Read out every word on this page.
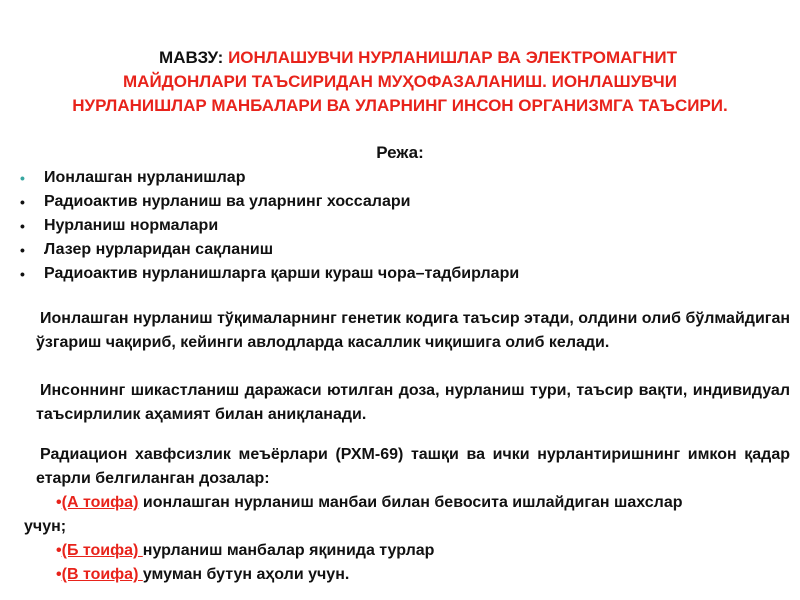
МАВЗУ: ИОНЛАШУВЧИ НУРЛАНИШЛАР ВА ЭЛЕКТРОМАГНИТ МАЙДОНЛАРИ ТАЪСИРИДАН МУҲОФАЗАЛАНИШ. ИОНЛАШУВЧИ НУРЛАНИШЛАР МАНБАЛАРИ ВА УЛАРНИНГ ИНСОН ОРГАНИЗМГА ТАЪСИРИ.
Режа:
• Ионлашган нурланишлар
• Радиоактив нурланиш ва уларнинг хоссалари
• Нурланиш нормалари
• Лазер нурларидан сақланиш
• Радиоактив нурланишларга қарши кураш чора–тадбирлари
Ионлашган нурланиш тўқималарнинг генетик кодига таъсир этади, олдини олиб бўлмайдиган ўзгариш чақириб, кейинги авлодларда касаллик чиқишига олиб келади.
Инсоннинг шикастланиш даражаси ютилган доза, нурланиш тури, таъсир вақти, индивидуал таъсирлилик аҳамият билан аниқланади.
Радиацион хавфсизлик меъёрлари (РХМ-69) ташқи ва ички нурлантиришнинг имкон қадар етарли белгиланган дозалар:
•(А тоифа) ионлашган нурланиш манбаи билан бевосита ишлайдиган шахслар
учун;
•(Б тоифа) нурланиш манбалар яқинида турлар
•(В тоифа) умуман бутун аҳоли учун.
